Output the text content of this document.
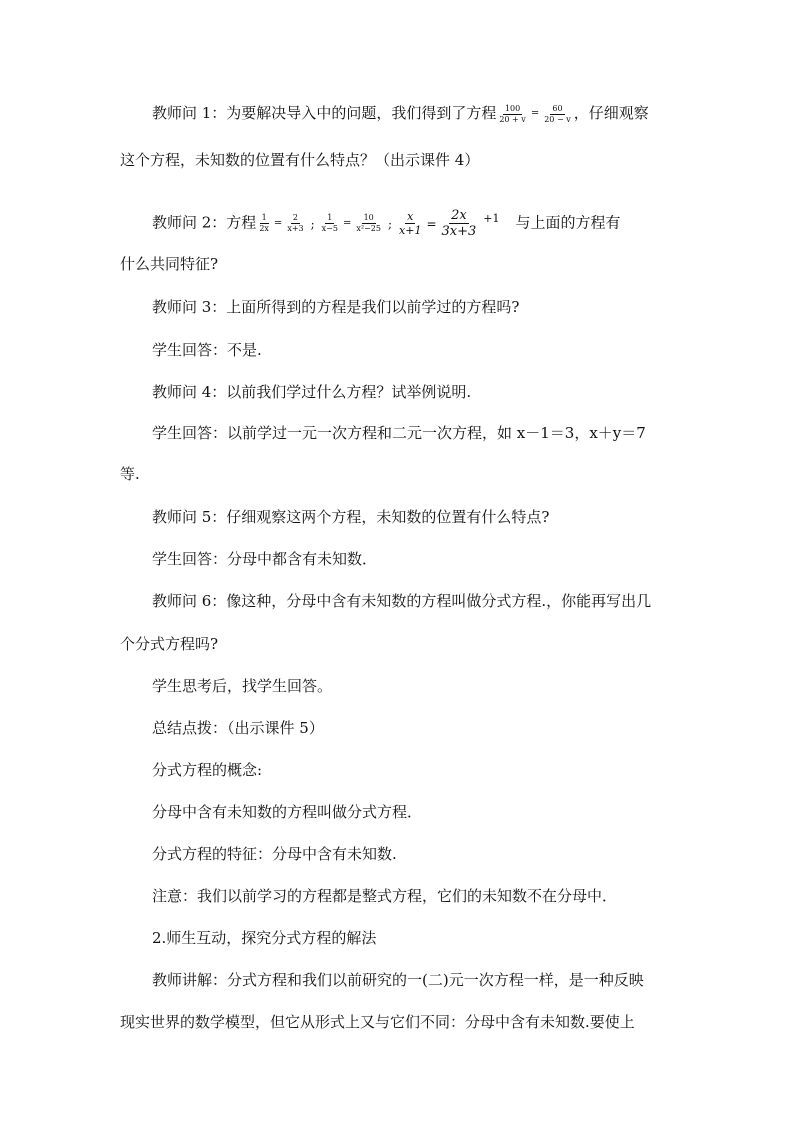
教师问 1：为要解决导入中的问题，我们得到了方程 $\frac{100}{20 + v} = \frac{60}{20 - v}$ ，仔细观察
这个方程，未知数的位置有什么特点？（出示课件 4）
教师问 2：方程 $\frac{1}{2x} = \frac{2}{x+3}$ ; $\frac{1}{x-5} = \frac{10}{\text{x²−25}}$ ; $\frac{x}{x+1} = \frac{2x}{3x+3} ^{+1}$ 与上面的方程有
什么共同特征?
教师问 3：上面所得到的方程是我们以前学过的方程吗?
学生回答：不是.
教师问 4：以前我们学过什么方程？试举例说明.
学生回答：以前学过一元一次方程和二元一次方程，如 x－1＝3，x＋y＝7
等.
教师问 5：仔细观察这两个方程，未知数的位置有什么特点?
学生回答：分母中都含有未知数．
教师问 6：像这种，分母中含有未知数的方程叫做分式方程.，你能再写出几
个分式方程吗?
学生思考后，找学生回答。
总结点拨：（出示课件 5）
分式方程的概念:
分母中含有未知数的方程叫做分式方程．
分式方程的特征：分母中含有未知数.
注意：我们以前学习的方程都是整式方程，它们的未知数不在分母中．
2.师生互动，探究分式方程的解法
教师讲解：分式方程和我们以前研究的一(二)元一次方程一样，是一种反映
现实世界的数学模型，但它从形式上又与它们不同：分母中含有未知数.要使上
